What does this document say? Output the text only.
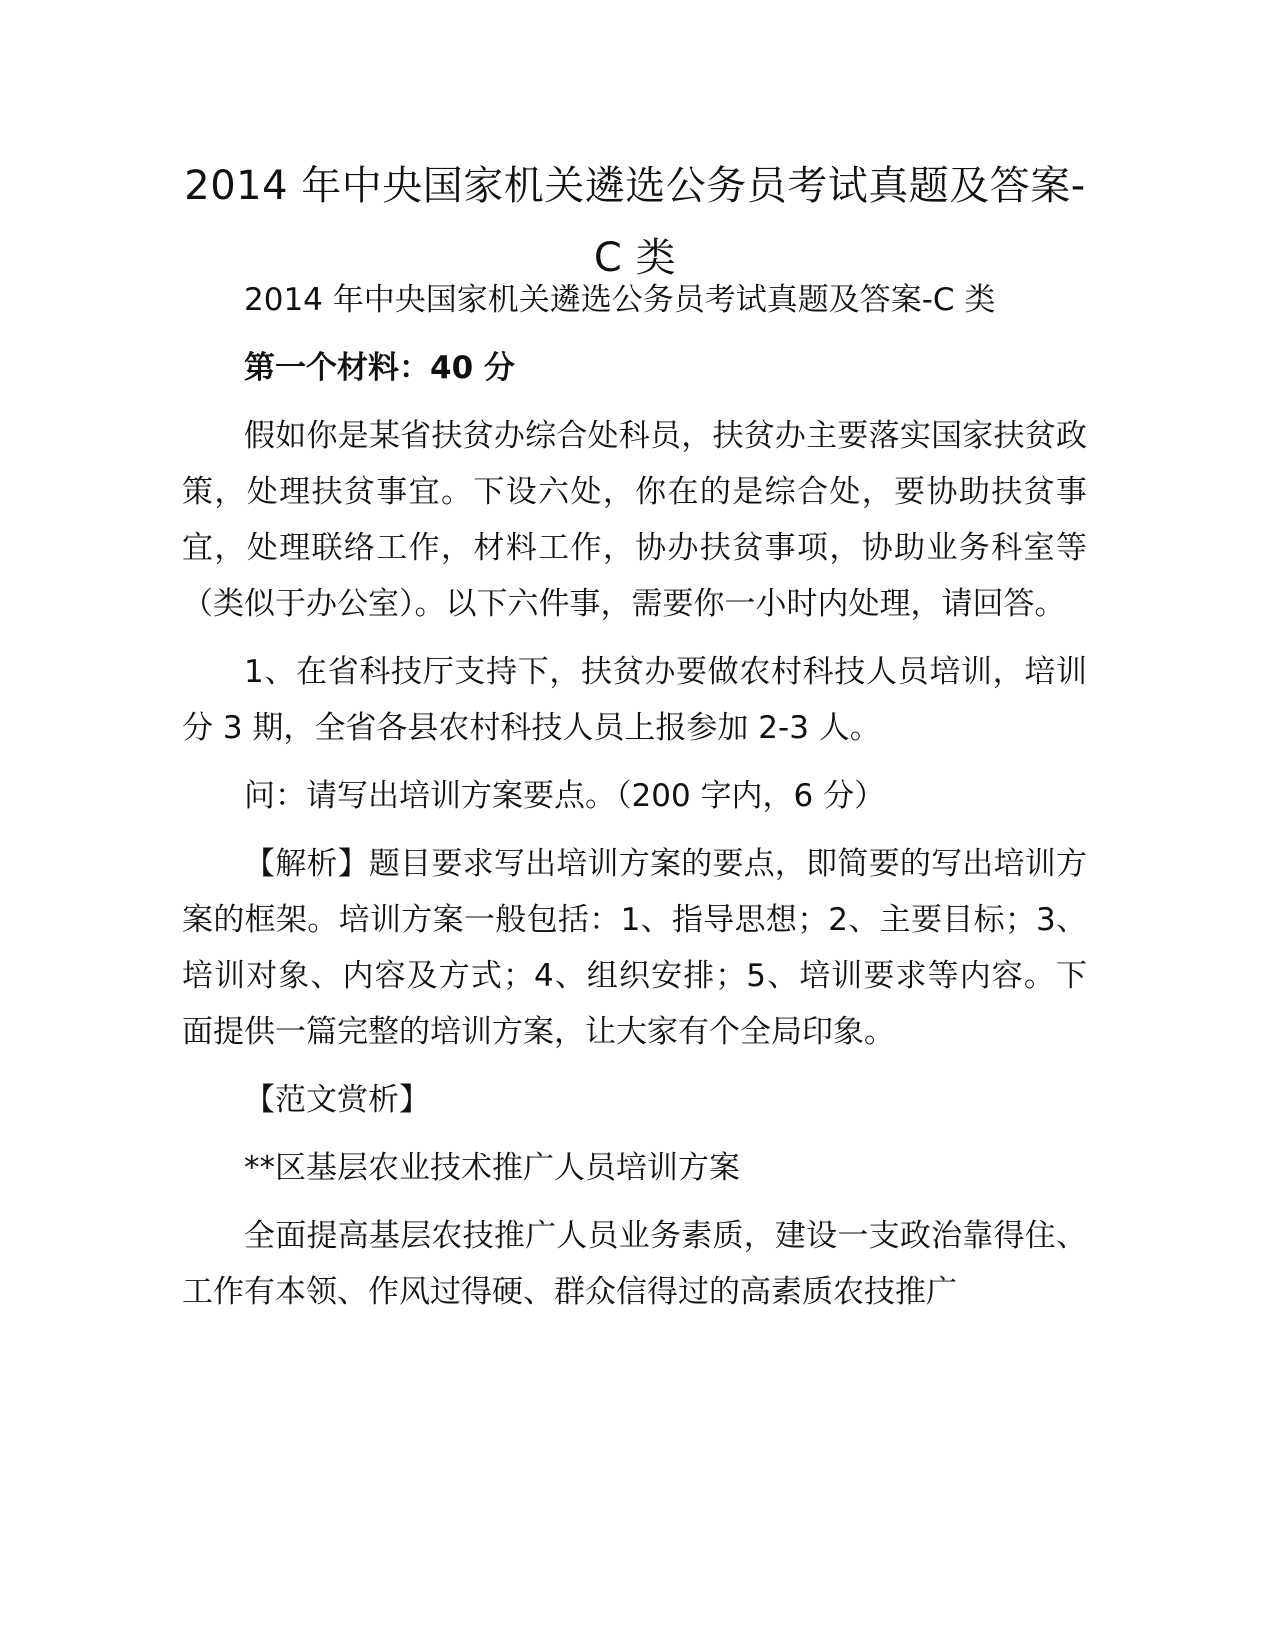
2014 年中央国家机关遴选公务员考试真题及答案-C 类

2014 年中央国家机关遴选公务员考试真题及答案-C 类

第一个材料：40 分

假如你是某省扶贫办综合处科员，扶贫办主要落实国家扶贫政策，处理扶贫事宜。下设六处，你在的是综合处，要协助扶贫事宜，处理联络工作，材料工作，协办扶贫事项，协助业务科室等（类似于办公室）。以下六件事，需要你一小时内处理，请回答。

1、在省科技厅支持下，扶贫办要做农村科技人员培训，培训分 3 期，全省各县农村科技人员上报参加 2-3 人。

问：请写出培训方案要点。（200 字内，6 分）

【解析】题目要求写出培训方案的要点，即简要的写出培训方案的框架。培训方案一般包括：1、指导思想；2、主要目标；3、培训对象、内容及方式；4、组织安排；5、培训要求等内容。下面提供一篇完整的培训方案，让大家有个全局印象。

【范文赏析】

**区基层农业技术推广人员培训方案

全面提高基层农技推广人员业务素质，建设一支政治靠得住、工作有本领、作风过得硬、群众信得过的高素质农技推广
